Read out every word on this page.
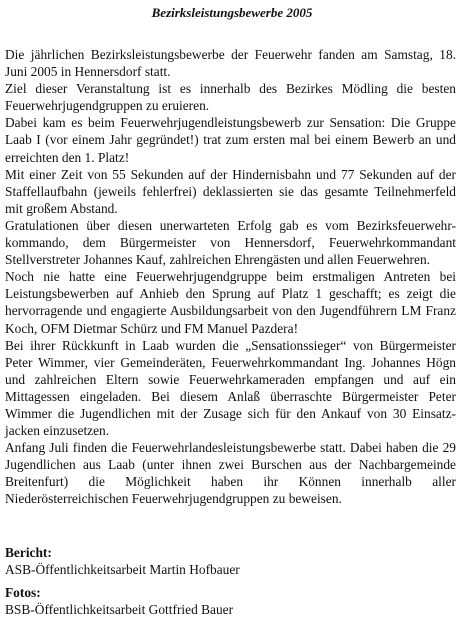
Bezirksleistungsbewerbe 2005

Die jährlichen Bezirksleistungsbewerbe der Feuerwehr fanden am Samstag, 18. Juni 2005 in Hennersdorf statt.

Ziel dieser Veranstaltung ist es innerhalb des Bezirkes Mödling die besten Feuerwehrjugendgruppen zu eruieren.

Dabei kam es beim Feuerwehrjugendleistungsbewerb zur Sensation: Die Gruppe Laab I (vor einem Jahr gegründet!) trat zum ersten mal bei einem Bewerb an und erreichten den 1. Platz!

Mit einer Zeit von 55 Sekunden auf der Hindernisbahn und 77 Sekunden auf der Staffellaufbahn (jeweils fehlerfrei) deklassierten sie das gesamte Teilnehmerfeld mit großem Abstand.

Gratulationen über diesen unerwarteten Erfolg gab es vom Bezirksfeuerwehr-kommando, dem Bürgermeister von Hennersdorf, Feuerwehrkommandant Stellverstreter Johannes Kauf, zahlreichen Ehrengästen und allen Feuerwehren.

Noch nie hatte eine Feuerwehrjugendgruppe beim erstmaligen Antreten bei Leistungsbewerben auf Anhieb den Sprung auf Platz 1 geschafft; es zeigt die hervorragende und engagierte Ausbildungsarbeit von den Jugendführern LM Franz Koch, OFM Dietmar Schürz und FM Manuel Pazdera!

Bei ihrer Rückkunft in Laab wurden die „Sensationssieger“ von Bürgermeister Peter Wimmer, vier Gemeinderäten, Feuerwehrkommandant Ing. Johannes Högn und zahlreichen Eltern sowie Feuerwehrkameraden empfangen und auf ein Mittagessen eingeladen. Bei diesem Anlaß überraschte Bürgermeister Peter Wimmer die Jugendlichen mit der Zusage sich für den Ankauf von 30 Einsatz-jacken einzusetzen.

Anfang Juli finden die Feuerwehrlandesleistungsbewerbe statt. Dabei haben die 29 Jugendlichen aus Laab (unter ihnen zwei Burschen aus der Nachbargemeinde Breitenfurt) die Möglichkeit haben ihr Können innerhalb aller Niederösterreichischen Feuerwehrjugendgruppen zu beweisen.

Bericht:
ASB-Öffentlichkeitsarbeit Martin Hofbauer
Fotos:
BSB-Öffentlichkeitsarbeit Gottfried Bauer
